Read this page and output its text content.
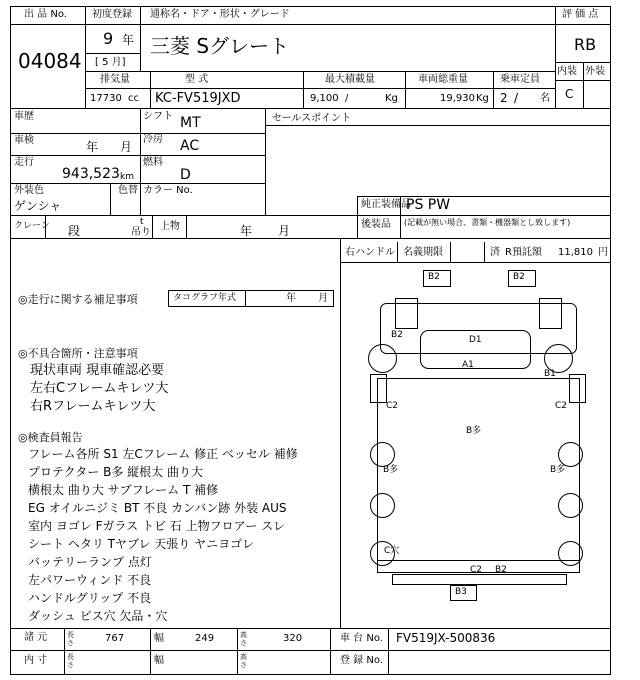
出 品 No.	初度登録 通称名・ドア・形状・グレード	評 価 点
04084
9 年
[ 5 月]
三菱 Sグレート	RB
内装 外装
C
排気量	型 式	最大積載量	車両総重量	乗車定員
17730 cc KC-FV519JXD	9,100 /	Kg	19,930 Kg 2 / 名
車歴	シフト MT	セールスポイント
車検	年 月
冷房 AC
走行
943,523 km
燃料
D
外装色
ゲンシャ
色替 カラー No.
純正装備品
PS PW
後装品 (記載が無い場合、書類・機器類とし致します)
クレーン 段
t
吊り
上物	年 月
右ハンドル 名義期限	済 R預託額 11,810 円
◎走行に関する補足事項	タコグラフ年式	年 月
◎不具合箇所・注意事項
現状車両 現車確認必要
左右Cフレームキレツ大
右Rフレームキレツ大
◎検査員報告
フレーム各所 S1 左Cフレーム 修正 ベッセル 補修
プロテクター B多 縦根太 曲り大
横根太 曲り大 サブフレーム T 補修
EG オイルニジミ BT 不良 カンバン跡 外装 AUS
室内 ヨゴレ Fガラス トビ 石 上物フロアー スレ
シート ヘタリ Tヤブレ 天張り ヤニヨゴレ
バッテリーランプ 点灯
左パワーウィンド 不良
ハンドルグリップ 不良
ダッシュ ビス穴 欠品・穴
B2	B2
B2	D1
A1
B1
C2	C2
B多
B多	B多
C穴
C2 B2
B3
諸 元	長さ	767	幅	249	高さ	320	車 台 No. FV519JX-500836
内 寸	長さ	幅	高さ	登 録 No.
